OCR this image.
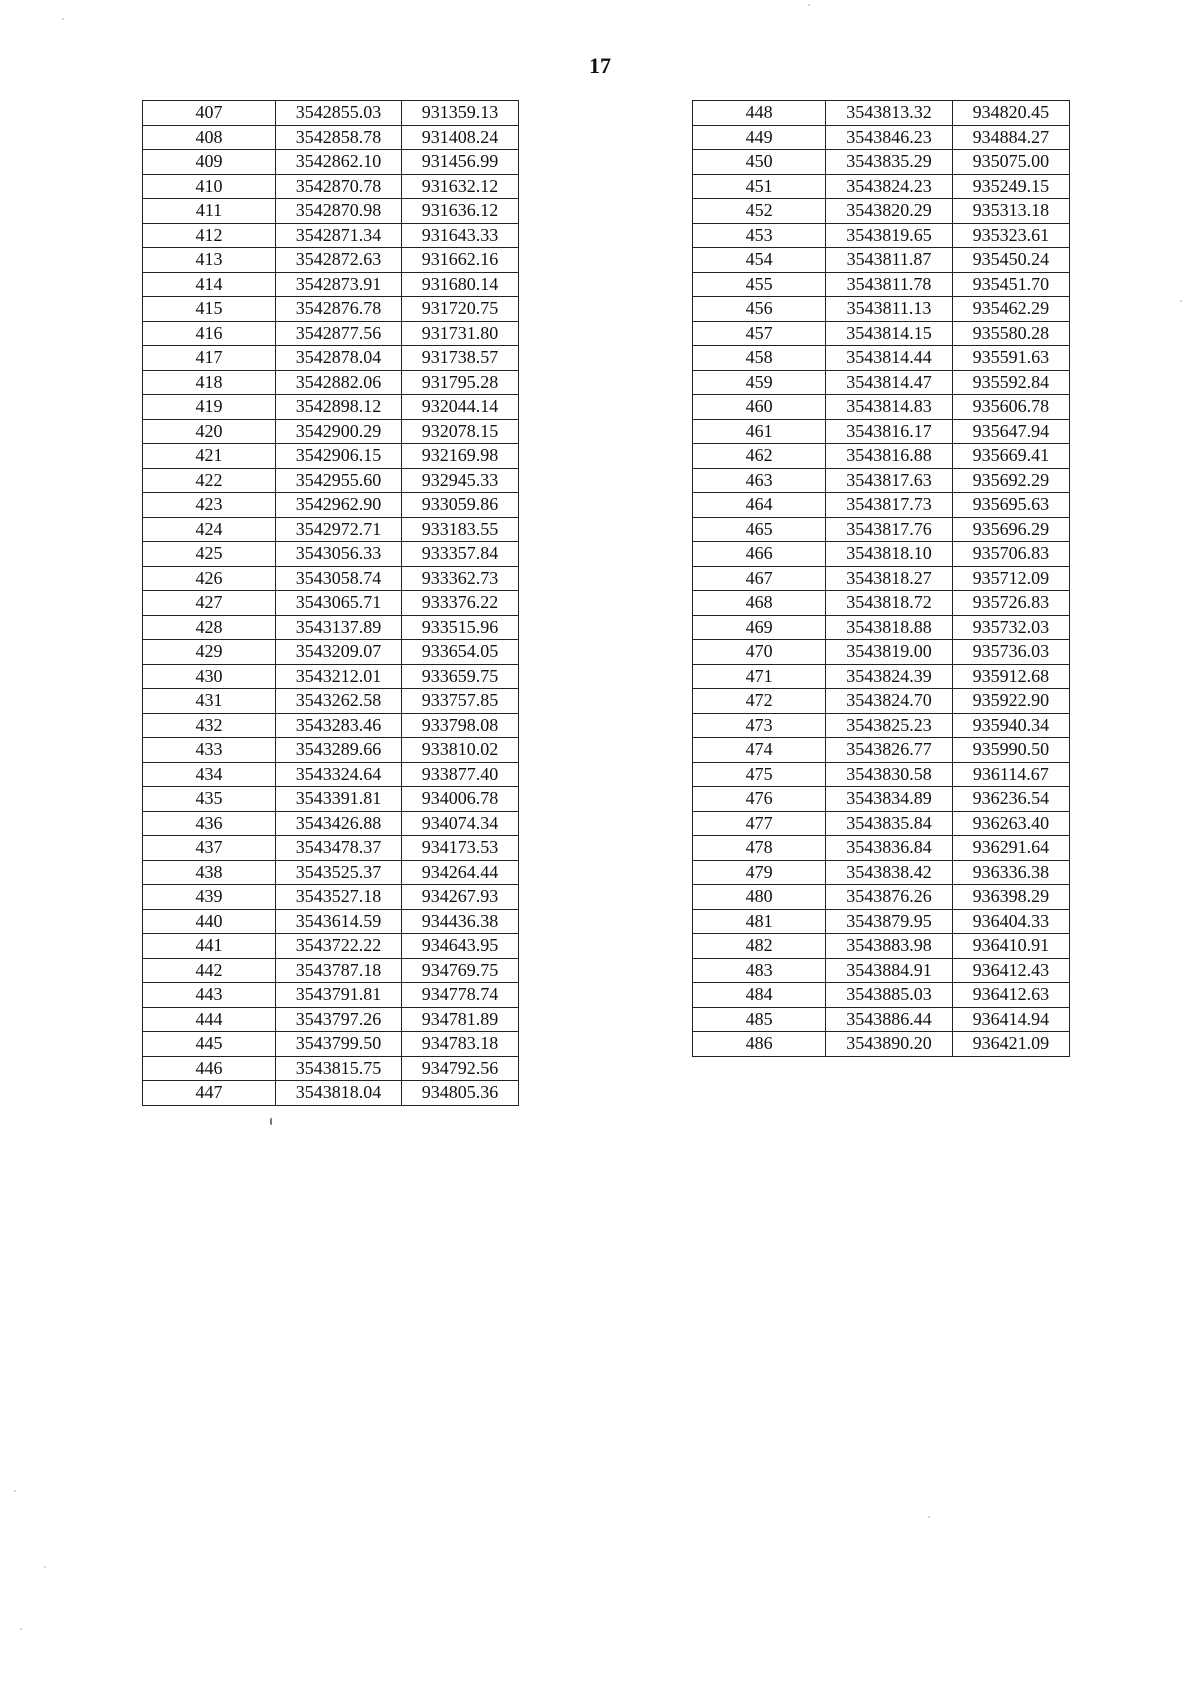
17
407	3542855.03	931359.13
408	3542858.78	931408.24
409	3542862.10	931456.99
410	3542870.78	931632.12
411	3542870.98	931636.12
412	3542871.34	931643.33
413	3542872.63	931662.16
414	3542873.91	931680.14
415	3542876.78	931720.75
416	3542877.56	931731.80
417	3542878.04	931738.57
418	3542882.06	931795.28
419	3542898.12	932044.14
420	3542900.29	932078.15
421	3542906.15	932169.98
422	3542955.60	932945.33
423	3542962.90	933059.86
424	3542972.71	933183.55
425	3543056.33	933357.84
426	3543058.74	933362.73
427	3543065.71	933376.22
428	3543137.89	933515.96
429	3543209.07	933654.05
430	3543212.01	933659.75
431	3543262.58	933757.85
432	3543283.46	933798.08
433	3543289.66	933810.02
434	3543324.64	933877.40
435	3543391.81	934006.78
436	3543426.88	934074.34
437	3543478.37	934173.53
438	3543525.37	934264.44
439	3543527.18	934267.93
440	3543614.59	934436.38
441	3543722.22	934643.95
442	3543787.18	934769.75
443	3543791.81	934778.74
444	3543797.26	934781.89
445	3543799.50	934783.18
446	3543815.75	934792.56
447	3543818.04	934805.36
448	3543813.32	934820.45
449	3543846.23	934884.27
450	3543835.29	935075.00
451	3543824.23	935249.15
452	3543820.29	935313.18
453	3543819.65	935323.61
454	3543811.87	935450.24
455	3543811.78	935451.70
456	3543811.13	935462.29
457	3543814.15	935580.28
458	3543814.44	935591.63
459	3543814.47	935592.84
460	3543814.83	935606.78
461	3543816.17	935647.94
462	3543816.88	935669.41
463	3543817.63	935692.29
464	3543817.73	935695.63
465	3543817.76	935696.29
466	3543818.10	935706.83
467	3543818.27	935712.09
468	3543818.72	935726.83
469	3543818.88	935732.03
470	3543819.00	935736.03
471	3543824.39	935912.68
472	3543824.70	935922.90
473	3543825.23	935940.34
474	3543826.77	935990.50
475	3543830.58	936114.67
476	3543834.89	936236.54
477	3543835.84	936263.40
478	3543836.84	936291.64
479	3543838.42	936336.38
480	3543876.26	936398.29
481	3543879.95	936404.33
482	3543883.98	936410.91
483	3543884.91	936412.43
484	3543885.03	936412.63
485	3543886.44	936414.94
486	3543890.20	936421.09
